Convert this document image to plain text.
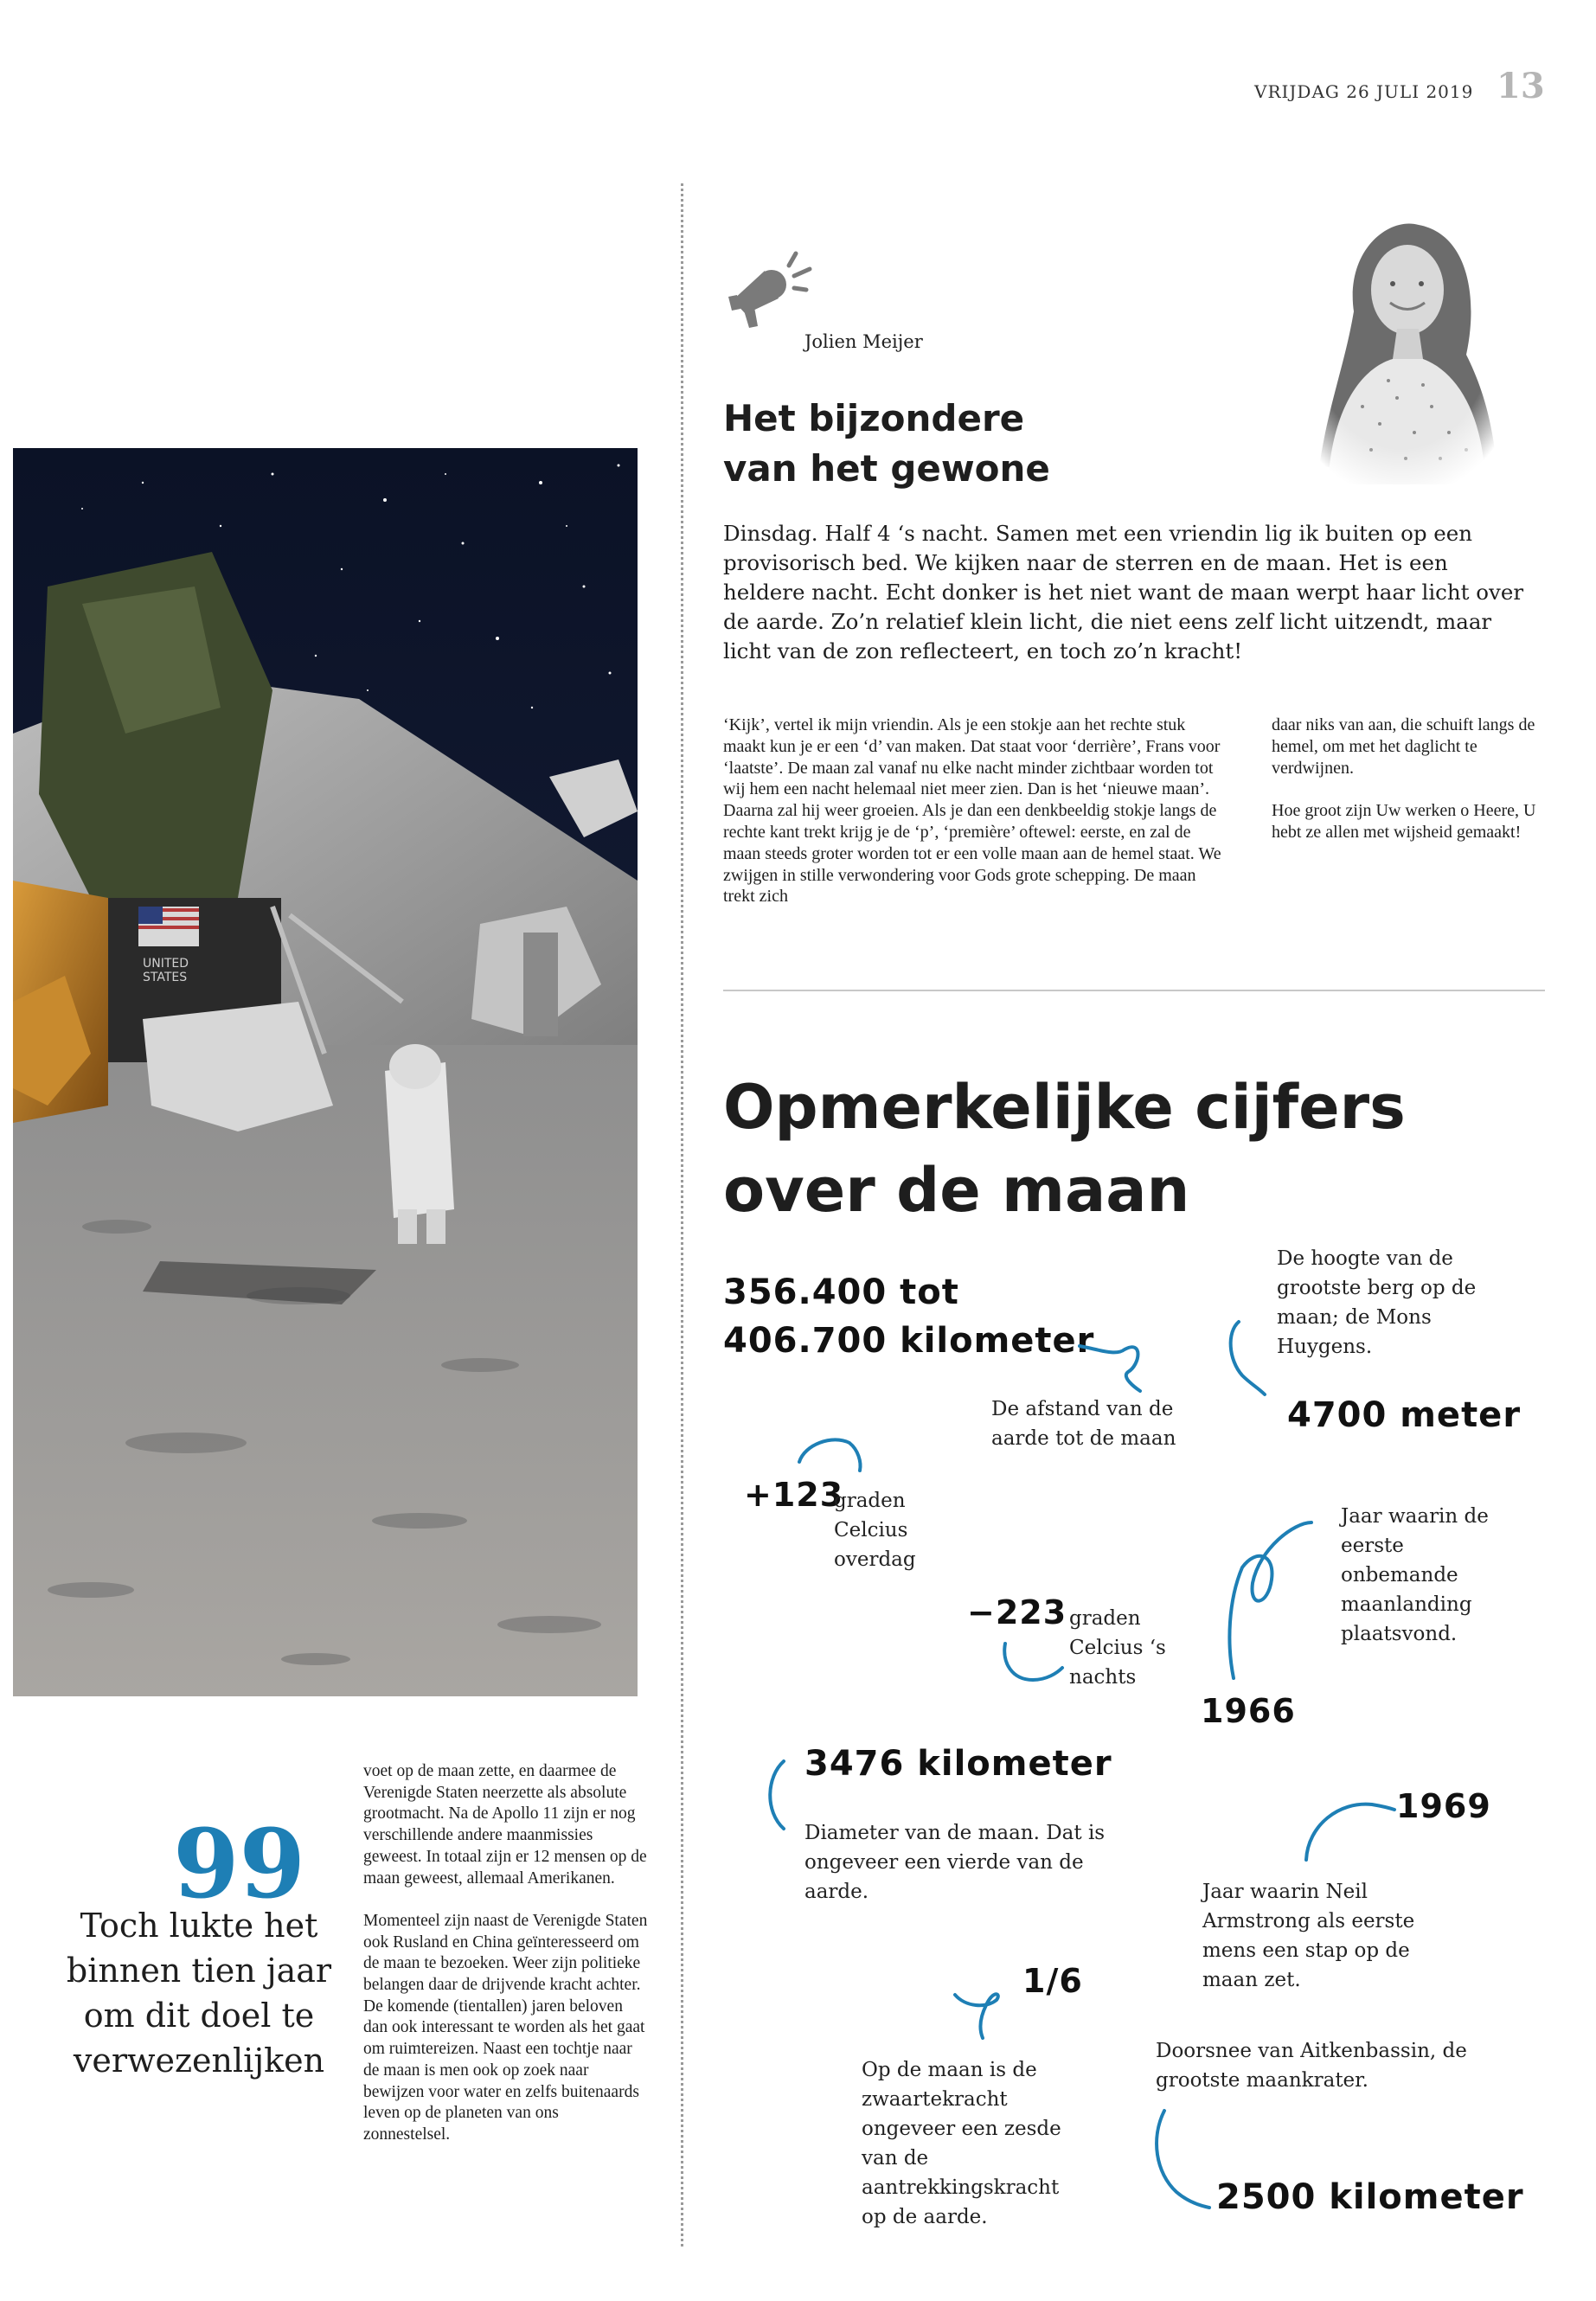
VRIJDAG 26 JULI 2019 13
Jolien Meijer
Het bijzondere
van het gewone
Dinsdag. Half 4 ‘s nacht. Samen met een vriendin lig ik buiten op een provisorisch bed. We kijken naar de sterren en de maan. Het is een heldere nacht. Echt donker is het niet want de maan werpt haar licht over de aarde. Zo’n relatief klein licht, die niet eens zelf licht uitzendt, maar licht van de zon reflecteert, en toch zo’n kracht!

‘Kijk’, vertel ik mijn vriendin. Als je een stokje aan het rechte stuk maakt kun je er een ‘d’ van maken. Dat staat voor ‘derrière’, Frans voor ‘laatste’. De maan zal vanaf nu elke nacht minder zichtbaar worden tot wij hem een nacht helemaal niet meer zien. Dan is het ‘nieuwe maan’. Daarna zal hij weer groeien. Als je dan een denkbeeldig stokje langs de rechte kant trekt krijg je de ‘p’, ‘première’ oftewel: eerste, en zal de maan steeds groter worden tot er een volle maan aan de hemel staat. We zwijgen in stille verwondering voor Gods grote schepping. De maan trekt zich

daar niks van aan, die schuift langs de hemel, om met het daglicht te verdwijnen.

Hoe groot zijn Uw werken o Heere, U hebt ze allen met wijsheid gemaakt!

UNITED
STATES
99
Toch lukte het binnen tien jaar om dit doel te verwezenlijken

voet op de maan zette, en daarmee de Verenigde Staten neerzette als absolute grootmacht. Na de Apollo 11 zijn er nog verschillende andere maanmissies geweest. In totaal zijn er 12 mensen op de maan geweest, allemaal Amerikanen.

Momenteel zijn naast de Verenigde Staten ook Rusland en China geïnteresseerd om de maan te bezoeken. Weer zijn politieke belangen daar de drijvende kracht achter. De komende (tientallen) jaren beloven dan ook interessant te worden als het gaat om ruimtereizen. Naast een tochtje naar de maan is men ook op zoek naar bewijzen voor water en zelfs buitenaards leven op de planeten van ons zonnestelsel.

Opmerkelijke cijfers
over de maan
356.400 tot
406.700 kilometer
De afstand van de aarde tot de maan
De hoogte van de grootste berg op de maan; de Mons Huygens.
4700 meter
+123
graden Celcius overdag
−223 graden Celcius ‘s nachts
Jaar waarin de eerste onbemande maanlanding plaatsvond.
1966
3476 kilometer
Diameter van de maan. Dat is ongeveer een vierde van de aarde.
1969
Jaar waarin Neil Armstrong als eerste mens een stap op de maan zet.
1/6
Op de maan is de zwaartekracht ongeveer een zesde van de aantrekkingskracht op de aarde.
Doorsnee van Aitkenbassin, de grootste maankrater.
2500 kilometer
